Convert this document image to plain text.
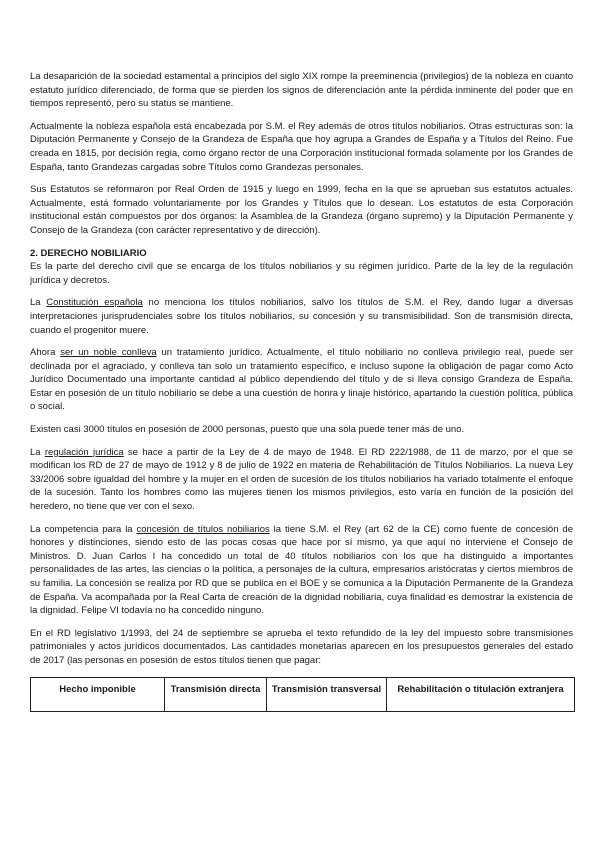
La desaparición de la sociedad estamental a principios del siglo XIX rompe la preeminencia (privilegios) de la nobleza en cuanto estatuto jurídico diferenciado, de forma que se pierden los signos de diferenciación ante la pérdida inminente del poder que en tiempos representó, pero su status se mantiene.

Actualmente la nobleza española está encabezada por S.M. el Rey además de otros títulos nobiliarios. Otras estructuras son: la Diputación Permanente y Consejo de la Grandeza de España que hoy agrupa a Grandes de España y a Títulos del Reino. Fue creada en 1815, por decisión regia, como órgano rector de una Corporación institucional formada solamente por los Grandes de España, tanto Grandezas cargadas sobre Títulos como Grandezas personales.

Sus Estatutos se reformaron por Real Orden de 1915 y luego en 1999, fecha en la que se aprueban sus estatutos actuales. Actualmente, está formado voluntariamente por los Grandes y Títulos que lo desean. Los estatutos de esta Corporación institucional están compuestos por dos órganos: la Asamblea de la Grandeza (órgano supremo) y la Diputación Permanente y Consejo de la Grandeza (con carácter representativo y de dirección).

2. DERECHO NOBILIARIO

Es la parte del derecho civil que se encarga de los títulos nobiliarios y su régimen jurídico. Parte de la ley de la regulación jurídica y decretos.

La Constitución española no menciona los títulos nobiliarios, salvo los títulos de S.M. el Rey, dando lugar a diversas interpretaciones jurisprudenciales sobre los títulos nobiliarios, su concesión y su transmisibilidad. Son de transmisión directa, cuando el progenitor muere.

Ahora ser un noble conlleva un tratamiento jurídico. Actualmente, el título nobiliario no conlleva privilegio real, puede ser declinada por el agraciado, y conlleva tan solo un tratamiento específico, e incluso supone la obligación de pagar como Acto Jurídico Documentado una importante cantidad al público dependiendo del título y de si lleva consigo Grandeza de España. Estar en posesión de un título nobiliario se debe a una cuestión de honra y linaje histórico, apartando la cuestión política, pública o social.

Existen casi 3000 títulos en posesión de 2000 personas, puesto que una sola puede tener más de uno.

La regulación jurídica se hace a partir de la Ley de 4 de mayo de 1948. El RD 222/1988, de 11 de marzo, por el que se modifican los RD de 27 de mayo de 1912 y 8 de julio de 1922 en materia de Rehabilitación de Títulos Nobiliarios. La nueva Ley 33/2006 sobre igualdad del hombre y la mujer en el orden de sucesión de los títulos nobiliarios ha variado totalmente el enfoque de la sucesión. Tanto los hombres como las mujeres tienen los mismos privilegios, esto varía en función de la posición del heredero, no tiene que ver con el sexo.

La competencia para la concesión de títulos nobiliarios la tiene S.M. el Rey (art 62 de la CE) como fuente de concesión de honores y distinciones, siendo esto de las pocas cosas que hace por sí mismo, ya que aquí no interviene el Consejo de Ministros. D. Juan Carlos I ha concedido un total de 40 títulos nobiliarios con los que ha distinguido a importantes personalidades de las artes, las ciencias o la política, a personajes de la cultura, empresarios aristócratas y ciertos miembros de su familia. La concesión se realiza por RD que se publica en el BOE y se comunica a la Diputación Permanente de la Grandeza de España. Va acompañada por la Real Carta de creación de la dignidad nobiliaria, cuya finalidad es demostrar la existencia de la dignidad. Felipe VI todavía no ha concedido ninguno.

En el RD legislativo 1/1993, del 24 de septiembre se aprueba el texto refundido de la ley del impuesto sobre transmisiones patrimoniales y actos jurídicos documentados. Las cantidades monetarias aparecen en los presupuestos generales del estado de 2017 (las personas en posesión de estos títulos tienen que pagar:

Hecho imponible	Transmisión directa	Transmisión transversal	Rehabilitación o titulación extranjera
